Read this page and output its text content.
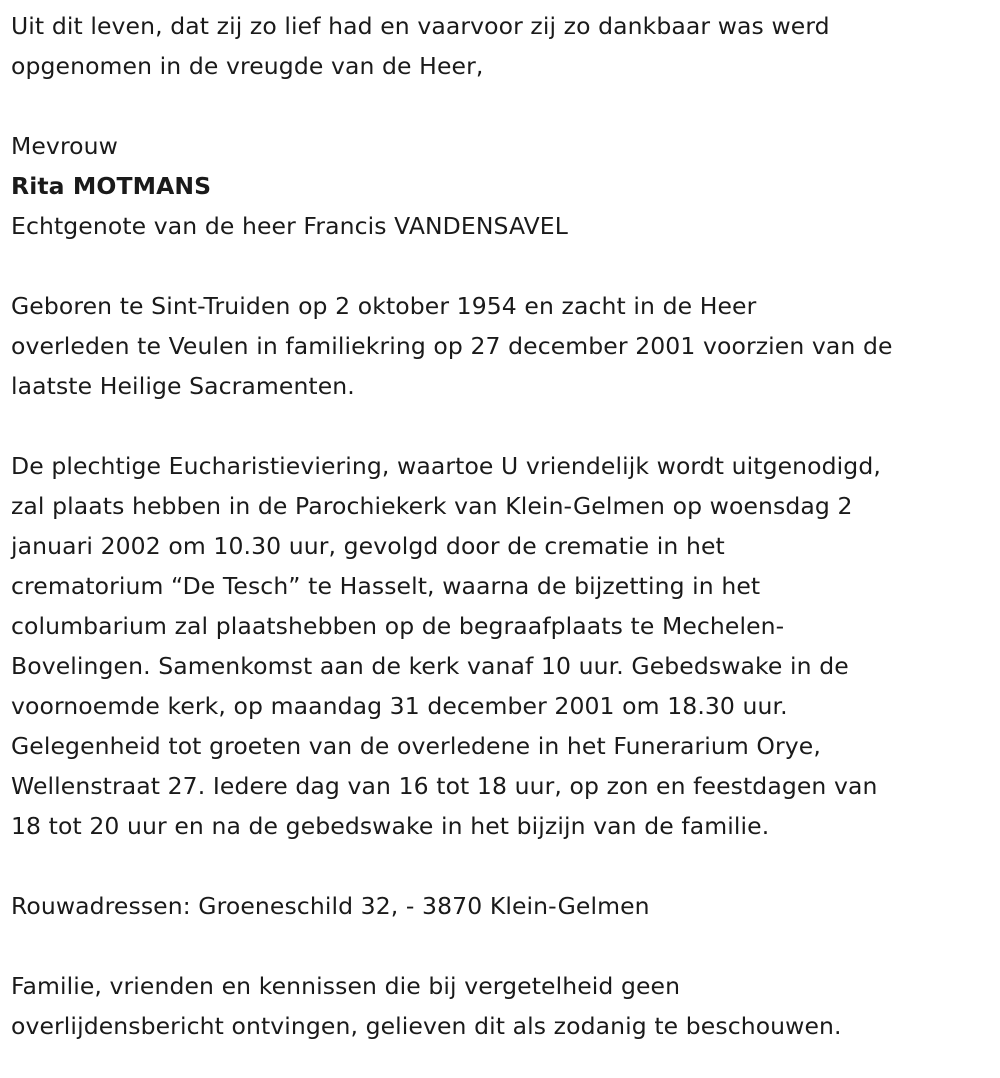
Uit dit leven, dat zij zo lief had en vaarvoor zij zo dankbaar was werd
opgenomen in de vreugde van de Heer,
Mevrouw
Rita MOTMANS
Echtgenote van de heer Francis VANDENSAVEL
Geboren te Sint-Truiden op 2 oktober 1954 en zacht in de Heer
overleden te Veulen in familiekring op 27 december 2001 voorzien van de
laatste Heilige Sacramenten.
De plechtige Eucharistieviering, waartoe U vriendelijk wordt uitgenodigd,
zal plaats hebben in de Parochiekerk van Klein-Gelmen op woensdag 2
januari 2002 om 10.30 uur, gevolgd door de crematie in het
crematorium “De Tesch” te Hasselt, waarna de bijzetting in het
columbarium zal plaatshebben op de begraafplaats te Mechelen-
Bovelingen. Samenkomst aan de kerk vanaf 10 uur. Gebedswake in de
voornoemde kerk, op maandag 31 december 2001 om 18.30 uur.
Gelegenheid tot groeten van de overledene in het Funerarium Orye,
Wellenstraat 27. Iedere dag van 16 tot 18 uur, op zon en feestdagen van
18 tot 20 uur en na de gebedswake in het bijzijn van de familie.
Rouwadressen: Groeneschild 32, - 3870 Klein-Gelmen
Familie, vrienden en kennissen die bij vergetelheid geen
overlijdensbericht ontvingen, gelieven dit als zodanig te beschouwen.
